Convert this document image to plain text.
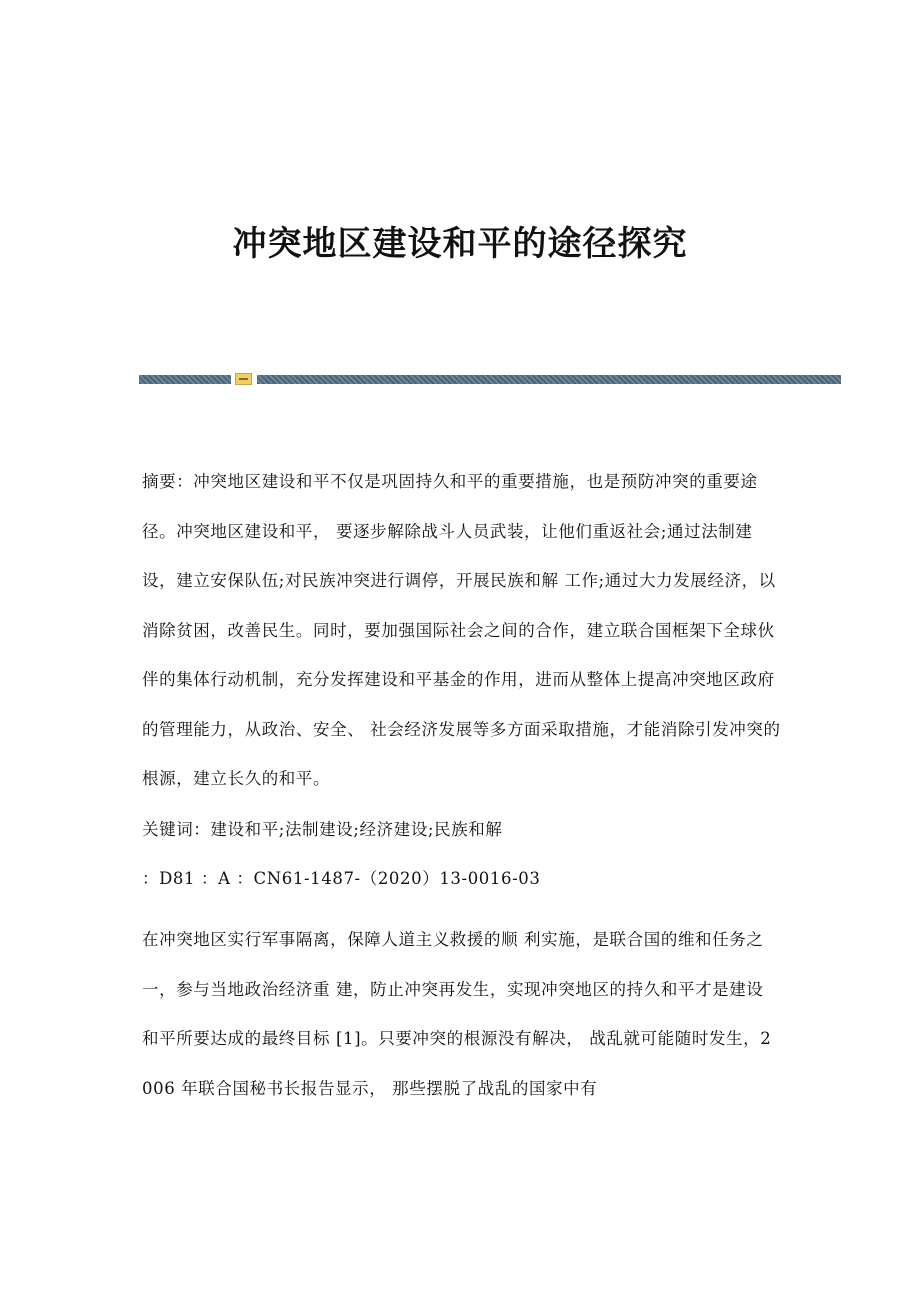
冲突地区建设和平的途径探究

摘要：冲突地区建设和平不仅是巩固持久和平的重要措施，也是预防冲突的重要途径。冲突地区建设和平， 要逐步解除战斗人员武装，让他们重返社会;通过法制建设，建立安保队伍;对民族冲突进行调停，开展民族和解 工作;通过大力发展经济，以消除贫困，改善民生。同时，要加强国际社会之间的合作，建立联合国框架下全球伙 伴的集体行动机制，充分发挥建设和平基金的作用，进而从整体上提高冲突地区政府的管理能力，从政治、安全、 社会经济发展等多方面采取措施，才能消除引发冲突的根源，建立长久的和平。

关键词：建设和平;法制建设;经济建设;民族和解

：D81 ：A ：CN61-1487-（2020）13-0016-03

在冲突地区实行军事隔离，保障人道主义救援的顺 利实施，是联合国的维和任务之一，参与当地政治经济重 建，防止冲突再发生，实现冲突地区的持久和平才是建设 和平所要达成的最终目标 [1]。只要冲突的根源没有解决， 战乱就可能随时发生，2006 年联合国秘书长报告显示， 那些摆脱了战乱的国家中有
